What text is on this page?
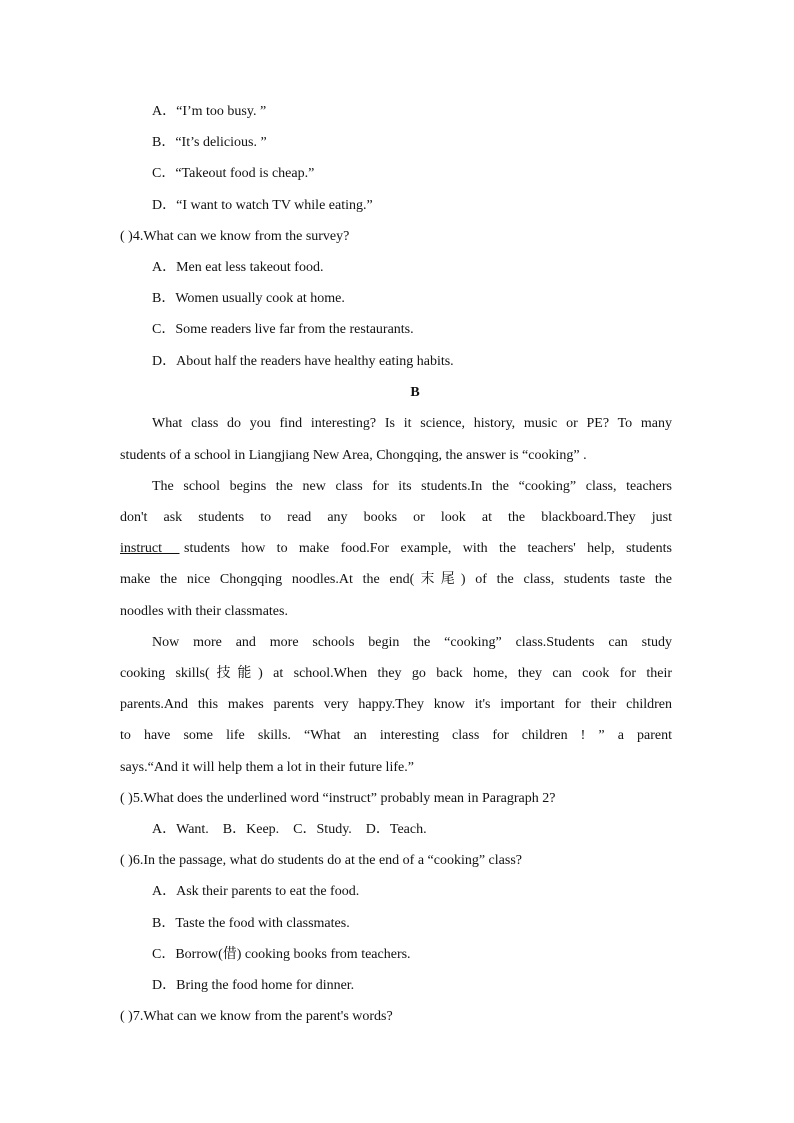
A．“I’m too busy. ”
B．“It’s delicious. ”
C．“Takeout food is cheap.”
D．“I want to watch TV while eating.”
( )4.What can we know from the survey?
A．Men eat less takeout food.
B．Women usually cook at home.
C．Some readers live far from the restaurants.
D．About half the readers have healthy eating habits.
B
What class do you find interesting? Is it science, history, music or PE? To many
students of a school in Liangjiang New Area, Chongqing, the answer is “cooking” .
The school begins the new class for its students.In the “cooking” class, teachers
don't ask students to read any books or look at the blackboard.They just
instruct	students how to make food.For example, with the teachers' help, students
make the nice Chongqing noodles.At the end(末尾) of the class, students taste the
noodles with their classmates.
Now more and more schools begin the “cooking” class.Students can study
cooking skills(技能) at school.When they go back home, they can cook for their
parents.And this makes parents very happy.They know it's important for their children
to have some life skills. “What an interesting class for children ! ” a parent
says.“And it will help them a lot in their future life.”
( )5.What does the underlined word “instruct” probably mean in Paragraph 2?
A．Want.    B．Keep.    C．Study.    D．Teach.
( )6.In the passage, what do students do at the end of a “cooking” class?
A．Ask their parents to eat the food.
B．Taste the food with classmates.
C．Borrow(借) cooking books from teachers.
D．Bring the food home for dinner.
( )7.What can we know from the parent's words?
